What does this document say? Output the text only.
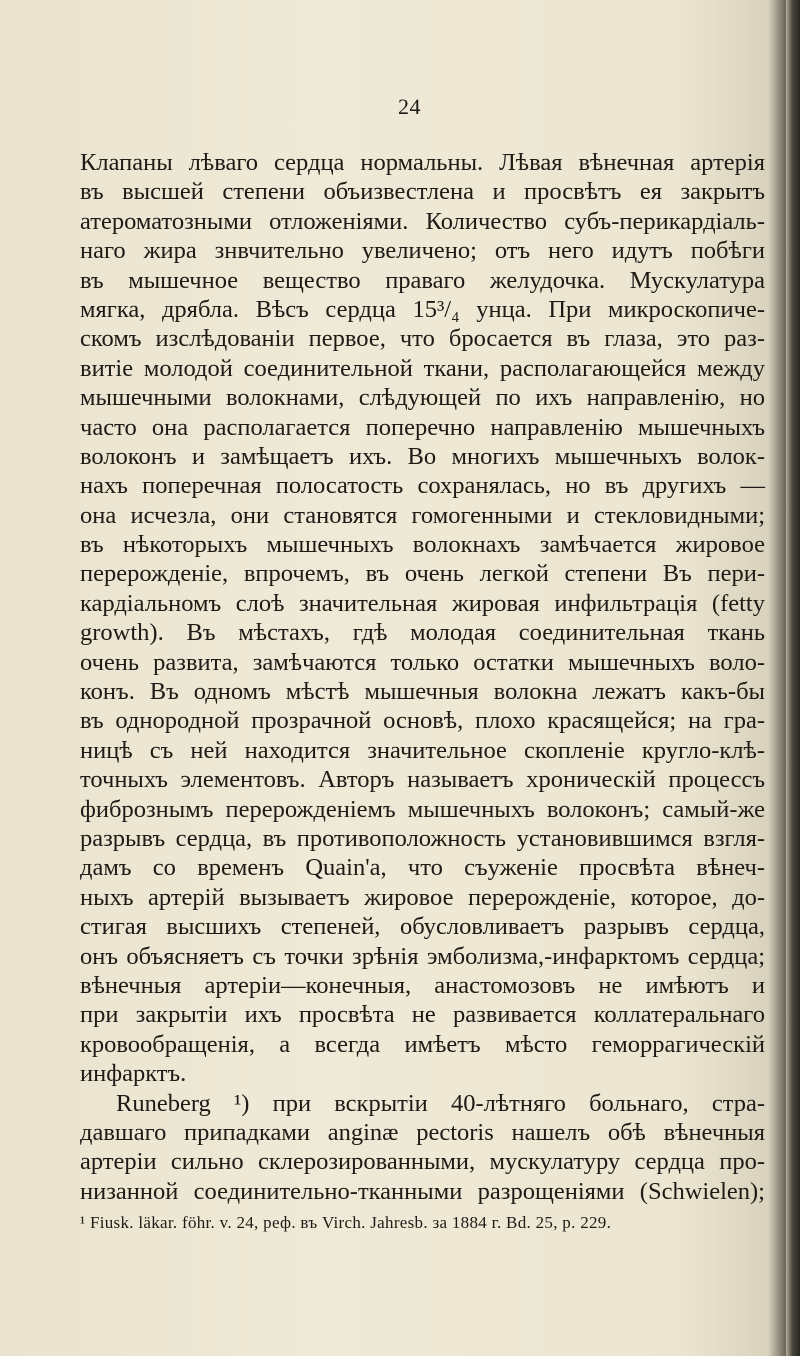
24
Клапаны лѣваго сердца нормальны. Лѣвая вѣнечная артерія
въ высшей степени объизвестлена и просвѣтъ ея закрытъ
атероматозными отложеніями. Количество субъ-перикардіаль-
наго жира знвчительно увеличено; отъ него идутъ побѣги
въ мышечное вещество праваго желудочка. Мускулатура
мягка, дрябла. Вѣсъ сердца 15³/₄ унца. При микроскопиче-
скомъ изслѣдованіи первое, что бросается въ глаза, это раз-
витіе молодой соединительной ткани, располагающейся между
мышечными волокнами, слѣдующей по ихъ направленію, но
часто она располагается поперечно направленію мышечныхъ
волоконъ и замѣщаетъ ихъ. Во многихъ мышечныхъ волок-
нахъ поперечная полосатость сохранялась, но въ другихъ —
она исчезла, они становятся гомогенными и стекловидными;
въ нѣкоторыхъ мышечныхъ волокнахъ замѣчается жировое
перерожденіе, впрочемъ, въ очень легкой степени Въ пери-
кардіальномъ слоѣ значительная жировая инфильтрація (fetty
growth). Въ мѣстахъ, гдѣ молодая соединительная ткань
очень развита, замѣчаются только остатки мышечныхъ воло-
конъ. Въ одномъ мѣстѣ мышечныя волокна лежатъ какъ-бы
въ однородной прозрачной основѣ, плохо красящейся; на гра-
ницѣ съ ней находится значительное скопленіе кругло-клѣ-
точныхъ элементовъ. Авторъ называетъ хроническій процессъ
фибрознымъ перерожденіемъ мышечныхъ волоконъ; самый-же
разрывъ сердца, въ противоположность установившимся взгля-
дамъ со временъ Quain'а, что съуженіе просвѣта вѣнеч-
ныхъ артерій вызываетъ жировое перерожденіе, которое, до-
стигая высшихъ степеней, обусловливаетъ разрывъ сердца,
онъ объясняетъ съ точки зрѣнія эмболизма,-инфарктомъ сердца;
вѣнечныя артеріи—конечныя, анастомозовъ не имѣютъ и
при закрытіи ихъ просвѣта не развивается коллатеральнаго
кровообращенія, а всегда имѣетъ мѣсто геморрагическій
инфарктъ.
Runeberg ¹) при вскрытіи 40-лѣтняго больнаго, стра-
давшаго припадками anginæ pectoris нашелъ обѣ вѣнечныя
артеріи сильно склерозированными, мускулатуру сердца про-
низанной соединительно-тканными разрощеніями (Schwielen);
¹ Fiusk. läkar. föhr. v. 24, реф. въ Virch. Jahresb. за 1884 г. Bd. 25, p. 229.
